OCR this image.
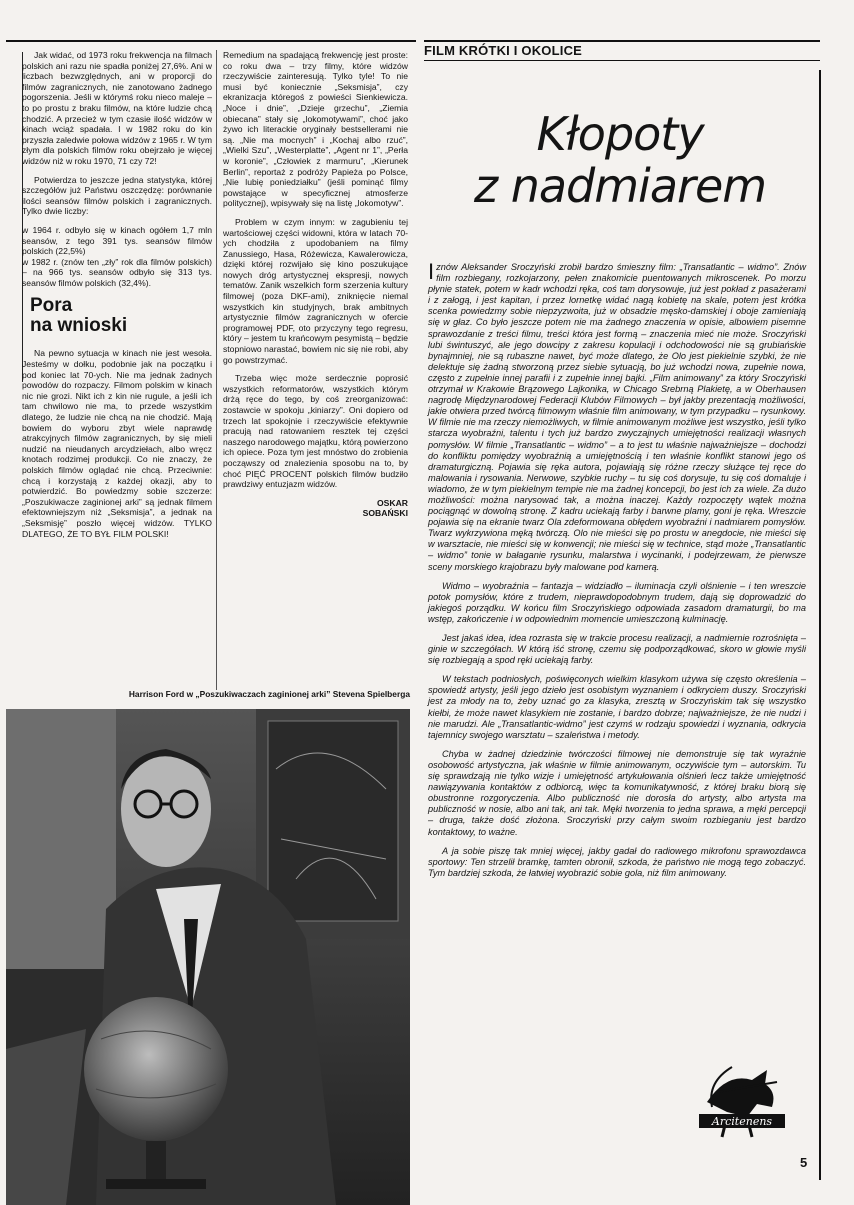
FILM KRÓTKI I OKOLICE

Jak widać, od 1973 roku frekwencja na filmach polskich ani razu nie spadła poniżej 27,6%. Ani w liczbach bezwzględnych, ani w proporcji do filmów zagranicznych, nie zanotowano żadnego pogorszenia. Jeśli w którymś roku nieco maleje – to po prostu z braku filmów, na które ludzie chcą chodzić. A przecież w tym czasie ilość widzów w kinach wciąż spadała. I w 1982 roku do kin przyszła zaledwie połowa widzów z 1965 r. W tym złym dla polskich filmów roku obejrzało je więcej widzów niż w roku 1970, 71 czy 72!

Potwierdza to jeszcze jedna statystyka, której szczegółów już Państwu oszczędzę: porównanie ilości seansów filmów polskich i zagranicznych. Tylko dwie liczby:

w 1964 r. odbyło się w kinach ogółem 1,7 mln seansów, z tego 391 tys. seansów filmów polskich (22,5%)
w 1982 r. (znów ten „zły” rok dla filmów polskich) – na 966 tys. seansów odbyło się 313 tys. seansów filmów polskich (32,4%).
Pora
na wnioski

Na pewno sytuacja w kinach nie jest wesoła. Jesteśmy w dołku, podobnie jak na początku i pod koniec lat 70-ych. Nie ma jednak żadnych powodów do rozpaczy. Filmom polskim w kinach nic nie grozi. Nikt ich z kin nie rugule, a jeśli ich tam chwilowo nie ma, to przede wszystkim dlatego, że ludzie nie chcą na nie chodzić. Mają bowiem do wyboru zbyt wiele naprawdę atrakcyjnych filmów zagranicznych, by się mieli nudzić na nieudanych arcydziełach, albo wręcz knotach rodzimej produkcji. Co nie znaczy, że polskich filmów oglądać nie chcą. Przeciwnie: chcą i korzystają z każdej okazji, aby to potwierdzić. Bo powiedzmy sobie szczerze: „Poszukiwacze zaginionej arki” są jednak filmem efektowniejszym niż „Seksmisja”, a jednak na „Seksmisję” poszło więcej widzów. TYLKO DLATEGO, ŻE TO BYŁ FILM POLSKI!

Remedium na spadającą frekwencję jest proste: co roku dwa – trzy filmy, które widzów rzeczywiście zainteresują. Tylko tyle! To nie musi być koniecznie „Seksmisja”, czy ekranizacja któregoś z powieści Sienkiewicza. „Noce i dnie”, „Dzieje grzechu”, „Ziemia obiecana” stały się „lokomotywami”, choć jako żywo ich literackie oryginały bestsellerami nie są. „Nie ma mocnych” i „Kochaj albo rzuć”, „Wielki Szu”, „Westerplatte”, „Agent nr 1”, „Perła w koronie”, „Człowiek z marmuru”, „Kierunek Berlin”, reportaż z podróży Papieża po Polsce, „Nie lubię poniedziałku” (jeśli pominąć filmy powstające w specyficznej atmosferze politycznej), wpisywały się na listę „lokomotyw”.

Problem w czym innym: w zagubieniu tej wartościowej części widowni, która w latach 70-ych chodziła z upodobaniem na filmy Zanussiego, Hasa, Różewicza, Kawalerowicza, dzięki której rozwijało się kino poszukujące nowych dróg artystycznej ekspresji, nowych tematów. Zanik wszelkich form szerzenia kultury filmowej (poza DKF-ami), zniknięcie niemal wszystkich kin studyjnych, brak ambitnych artystycznie filmów zagranicznych w ofercie programowej PDF, oto przyczyny tego regresu, który – jestem tu krańcowym pesymistą – będzie stopniowo narastać, bowiem nic się nie robi, aby go powstrzymać.

Trzeba więc może serdecznie poprosić wszystkich reformatorów, wszystkich którym drżą ręce do tego, by coś zreorganizować: zostawcie w spokoju „kiniarzy”. Oni dopiero od trzech lat spokojnie i rzeczywiście efektywnie pracują nad ratowaniem resztek tej części naszego narodowego majątku, którą powierzono ich opiece. Poza tym jest mnóstwo do zrobienia począwszy od znalezienia sposobu na to, by choć PIĘĆ PROCENT polskich filmów budziło prawdziwy entuzjazm widzów.

OSKAR
SOBAŃSKI
Harrison Ford w „Poszukiwaczach zaginionej arki” Stevena Spielberga
Kłopoty
z nadmiarem

Iznów Aleksander Sroczyński zrobił bardzo śmieszny film: „Transatlantic – widmo”. Znów film rozbiegany, rozkojarzony, pełen znakomicie puentowanych mikroscenek. Po morzu płynie statek, potem w kadr wchodzi ręka, coś tam dorysowuje, już jest pokład z pasażerami i z załogą, i jest kapitan, i przez lornetkę widać nagą kobietę na skale, potem jest krótka scenka powiedzmy sobie niepzyzwoita, już w obsadzie męsko-damskiej i oboje zamieniają się w głaz. Co było jeszcze potem nie ma żadnego znaczenia w opisie, albowiem pisemne sprawozdanie z treści filmu, treści która jest formą – znaczenia mieć nie może. Sroczyński lubi świntuszyć, ale jego dowcipy z zakresu kopulacji i odchodowości nie są grubiańskie bynajmniej, nie są rubaszne nawet, być może dlatego, że Olo jest piekielnie szybki, że nie delektuje się żadną stworzoną przez siebie sytuacją, bo już wchodzi nowa, zupełnie nowa, często z zupełnie innej parafii i z zupełnie innej bajki. „Film animowany” za który Sroczyński otrzymał w Krakowie Brązowego Lajkonika, w Chicago Srebrną Plakietę, a w Oberhausen nagrodę Międzynarodowej Federacji Klubów Filmowych – był jakby prezentacją możliwości, jakie otwiera przed twórcą filmowym właśnie film animowany, w tym przypadku – rysunkowy. W filmie nie ma rzeczy niemożliwych, w filmie animowanym możliwe jest wszystko, jeśli tylko starcza wyobraźni, talentu i tych już bardzo zwyczajnych umiejętności realizacji własnych pomysłów. W filmie „Transatlantic – widmo” – a to jest tu właśnie najważniejsze – dochodzi do konfliktu pomiędzy wyobraźnią a umiejętnością i ten właśnie konflikt stanowi jego oś dramaturgiczną. Pojawia się ręka autora, pojawiają się różne rzeczy służące tej ręce do malowania i rysowania. Nerwowe, szybkie ruchy – tu się coś dorysuje, tu się coś domaluje i wiadomo, że w tym piekielnym tempie nie ma żadnej koncepcji, bo jest ich za wiele. Za dużo możliwości: można narysować tak, a można inaczej. Każdy rozpoczęty wątek można pociągnąć w dowolną stronę. Z kadru uciekają farby i barwne plamy, goni je ręka. Wreszcie pojawia się na ekranie twarz Ola zdeformowana obłędem wyobraźni i nadmiarem pomysłów. Twarz wykrzywiona męką twórczą. Olo nie mieści się po prostu w anegdocie, nie mieści się w warsztacie, nie mieści się w konwencji; nie mieści się w technice, stąd może „Transatlantic – widmo” tonie w bałaganie rysunku, malarstwa i wycinanki, i podejrzewam, że pierwsze sceny morskiego krajobrazu były malowane pod kamerą.

Widmo – wyobraźnia – fantazja – widziadło – iluminacja czyli olśnienie – i ten wreszcie potok pomysłów, które z trudem, nieprawdopodobnym trudem, dają się doprowadzić do jakiegoś porządku. W końcu film Sroczyńskiego odpowiada zasadom dramaturgii, bo ma wstęp, zakończenie i w odpowiednim momencie umieszczoną kulminację.

Jest jakaś idea, idea rozrasta się w trakcie procesu realizacji, a nadmiernie rozrośnięta – ginie w szczegółach. W którą iść stronę, czemu się podporządkować, skoro w głowie myśli się rozbiegają a spod ręki uciekają farby.

W tekstach podniosłych, poświęconych wielkim klasykom używa się często określenia – spowiedź artysty, jeśli jego dzieło jest osobistym wyznaniem i odkryciem duszy. Sroczyński jest za młody na to, żeby uznać go za klasyka, zresztą w Sroczyńskim tak się wszystko kiełbi, że może nawet klasykiem nie zostanie, i bardzo dobrze; najważniejsze, że nie nudzi i nie marudzi. Ale „Transatlantic-widmo” jest czymś w rodzaju spowiedzi i wyznania, odkrycia tajemnicy swojego warsztatu – szaleństwa i metody.

Chyba w żadnej dziedzinie twórczości filmowej nie demonstruje się tak wyraźnie osobowość artystyczna, jak właśnie w filmie animowanym, oczywiście tym – autorskim. Tu się sprawdzają nie tylko wizje i umiejętność artykułowania olśnień lecz także umiejętność nawiązywania kontaktów z odbiorcą, więc ta komunikatywność, z której braku biorą się obustronne rozgoryczenia. Albo publiczność nie dorosła do artysty, albo artysta ma publiczność w nosie, albo ani tak, ani tak. Męki tworzenia to jedna sprawa, a męki percepcji – druga, także dość złożona. Sroczyński przy całym swoim rozbieganiu jest bardzo kontaktowy, to ważne.

A ja sobie piszę tak mniej więcej, jakby gadał do radiowego mikrofonu sprawozdawca sportowy: Ten strzelił bramkę, tamten obronił, szkoda, że państwo nie mogą tego zobaczyć. Tym bardziej szkoda, że łatwiej wyobrazić sobie gola, niż film animowany.

Arcitenens
5
